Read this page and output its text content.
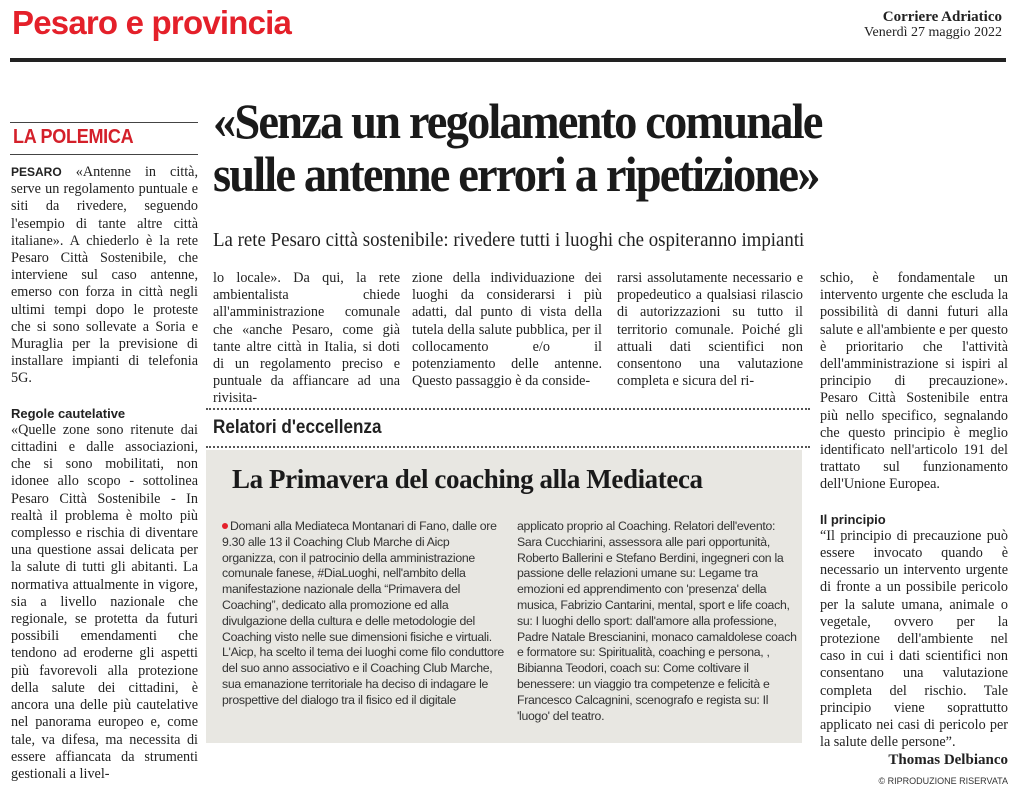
Pesaro e provincia	Corriere Adriatico
Venerdì 27 maggio 2022
LA POLEMICA «Senza un regolamento comunale
sulle antenne errori a ripetizione»
La rete Pesaro città sostenibile: rivedere tutti i luoghi che ospiteranno impianti

PESARO «Antenne in città, serve un regolamento puntuale e siti da rivedere, seguendo l'esempio di tante altre città italiane». A chiederlo è la rete Pesaro Città Sostenibile, che interviene sul caso antenne, emerso con forza in città negli ultimi tempi dopo le proteste che si sono sollevate a Soria e Muraglia per la previsione di installare impianti di telefonia 5G.

Regole cautelative

«Quelle zone sono ritenute dai cittadini e dalle associazioni, che si sono mobilitati, non idonee allo scopo - sottolinea Pesaro Città Sostenibile - In realtà il problema è molto più complesso e rischia di diventare una questione assai delicata per la salute di tutti gli abitanti. La normativa attualmente in vigore, sia a livello nazionale che regionale, se protetta da futuri possibili emendamenti che tendono ad eroderne gli aspetti più favorevoli alla protezione della salute dei cittadini, è ancora una delle più cautelative nel panorama europeo e, come tale, va difesa, ma necessita di essere affiancata da strumenti gestionali a livel-

lo locale». Da qui, la rete ambientalista chiede all'amministrazione comunale che «anche Pesaro, come già tante altre città in Italia, si doti di un regolamento preciso e puntuale da affiancare ad una rivisita-

zione della individuazione dei luoghi da considerarsi i più adatti, dal punto di vista della tutela della salute pubblica, per il collocamento e/o il potenziamento delle antenne. Questo passaggio è da conside-

rarsi assolutamente necessario e propedeutico a qualsiasi rilascio di autorizzazioni su tutto il territorio comunale. Poiché gli attuali dati scientifici non consentono una valutazione completa e sicura del ri-

schio, è fondamentale un intervento urgente che escluda la possibilità di danni futuri alla salute e all'ambiente e per questo è prioritario che l'attività dell'amministrazione si ispiri al principio di precauzione». Pesaro Città Sostenibile entra più nello specifico, segnalando che questo principio è meglio identificato nell'articolo 191 del trattato sul funzionamento dell'Unione Europea.

Il principio

“Il principio di precauzione può essere invocato quando è necessario un intervento urgente di fronte a un possibile pericolo per la salute umana, animale o vegetale, ovvero per la protezione dell'ambiente nel caso in cui i dati scientifici non consentano una valutazione completa del rischio. Tale principio viene soprattutto applicato nei casi di pericolo per la salute delle persone”.

Thomas Delbianco

© RIPRODUZIONE RISERVATA

Relatori d'eccellenza
La Primavera del coaching alla Mediateca

Domani alla Mediateca Montanari di Fano, dalle ore 9.30 alle 13 il Coaching Club Marche di Aicp organizza, con il patrocinio della amministrazione comunale fanese, #DiaLuoghi, nell'ambito della manifestazione nazionale della “Primavera del Coaching”, dedicato alla promozione ed alla divulgazione della cultura e delle metodologie del Coaching visto nelle sue dimensioni fisiche e virtuali. L'Aicp, ha scelto il tema dei luoghi come filo conduttore del suo anno associativo e il Coaching Club Marche, sua emanazione territoriale ha deciso di indagare le prospettive del dialogo tra il fisico ed il digitale

applicato proprio al Coaching. Relatori dell'evento: Sara Cucchiarini, assessora alle pari opportunità, Roberto Ballerini e Stefano Berdini, ingegneri con la passione delle relazioni umane su: Legame tra emozioni ed apprendimento con 'presenza' della musica, Fabrizio Cantarini, mental, sport e life coach, su: I luoghi dello sport: dall'amore alla professione, Padre Natale Brescianini, monaco camaldolese coach e formatore su: Spiritualità, coaching e persona, , Bibianna Teodori, coach su: Come coltivare il benessere: un viaggio tra competenze e felicità e Francesco Calcagnini, scenografo e regista su: Il 'luogo' del teatro.
